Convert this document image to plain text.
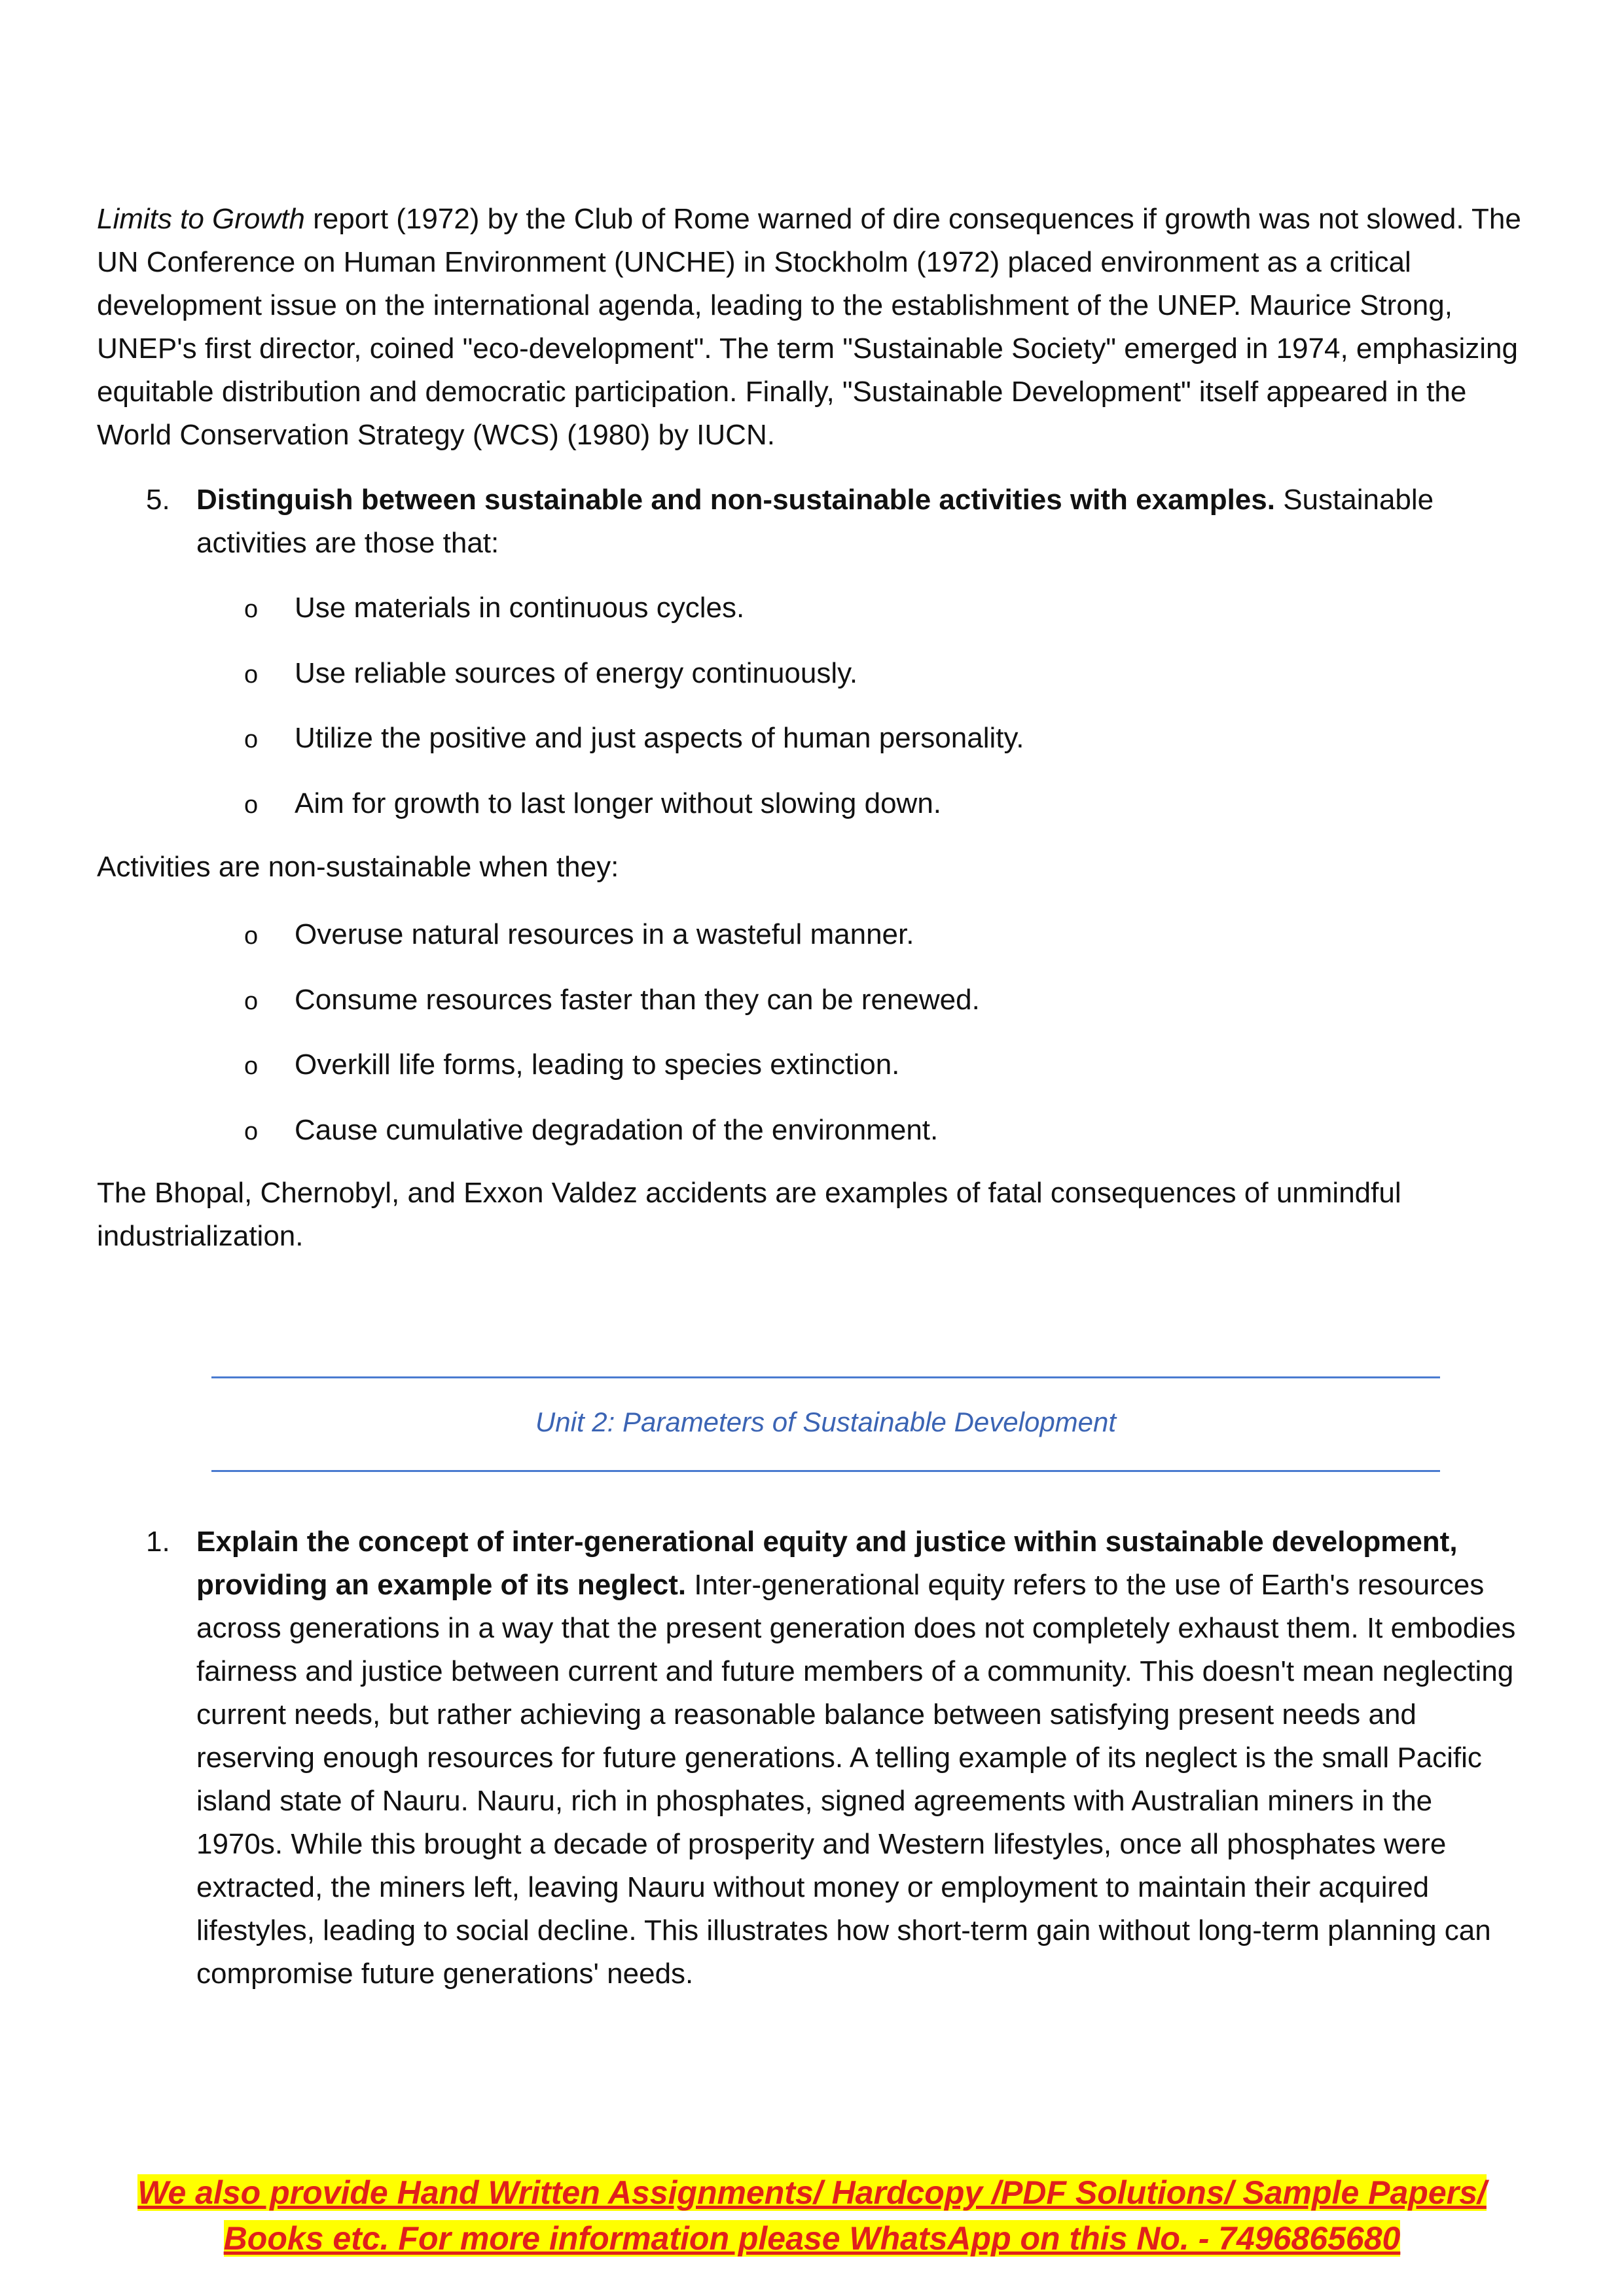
Limits to Growth report (1972) by the Club of Rome warned of dire consequences if growth was not slowed. The UN Conference on Human Environment (UNCHE) in Stockholm (1972) placed environment as a critical development issue on the international agenda, leading to the establishment of the UNEP. Maurice Strong, UNEP's first director, coined "eco-development". The term "Sustainable Society" emerged in 1974, emphasizing equitable distribution and democratic participation. Finally, "Sustainable Development" itself appeared in the World Conservation Strategy (WCS) (1980) by IUCN.

5. Distinguish between sustainable and non-sustainable activities with examples. Sustainable activities are those that:
o Use materials in continuous cycles.
o Use reliable sources of energy continuously.
o Utilize the positive and just aspects of human personality.
o Aim for growth to last longer without slowing down.

Activities are non-sustainable when they:

o Overuse natural resources in a wasteful manner.
o Consume resources faster than they can be renewed.
o Overkill life forms, leading to species extinction.
o Cause cumulative degradation of the environment.

The Bhopal, Chernobyl, and Exxon Valdez accidents are examples of fatal consequences of unmindful industrialization.

Unit 2: Parameters of Sustainable Development
1. Explain the concept of inter-generational equity and justice within sustainable development, providing an example of its neglect. Inter-generational equity refers to the use of Earth's resources across generations in a way that the present generation does not completely exhaust them. It embodies fairness and justice between current and future members of a community. This doesn't mean neglecting current needs, but rather achieving a reasonable balance between satisfying present needs and reserving enough resources for future generations. A telling example of its neglect is the small Pacific island state of Nauru. Nauru, rich in phosphates, signed agreements with Australian miners in the 1970s. While this brought a decade of prosperity and Western lifestyles, once all phosphates were extracted, the miners left, leaving Nauru without money or employment to maintain their acquired lifestyles, leading to social decline. This illustrates how short-term gain without long-term planning can compromise future generations' needs.
We also provide Hand Written Assignments/ Hardcopy /PDF Solutions/ Sample Papers/
Books etc. For more information please WhatsApp on this No. - 7496865680
